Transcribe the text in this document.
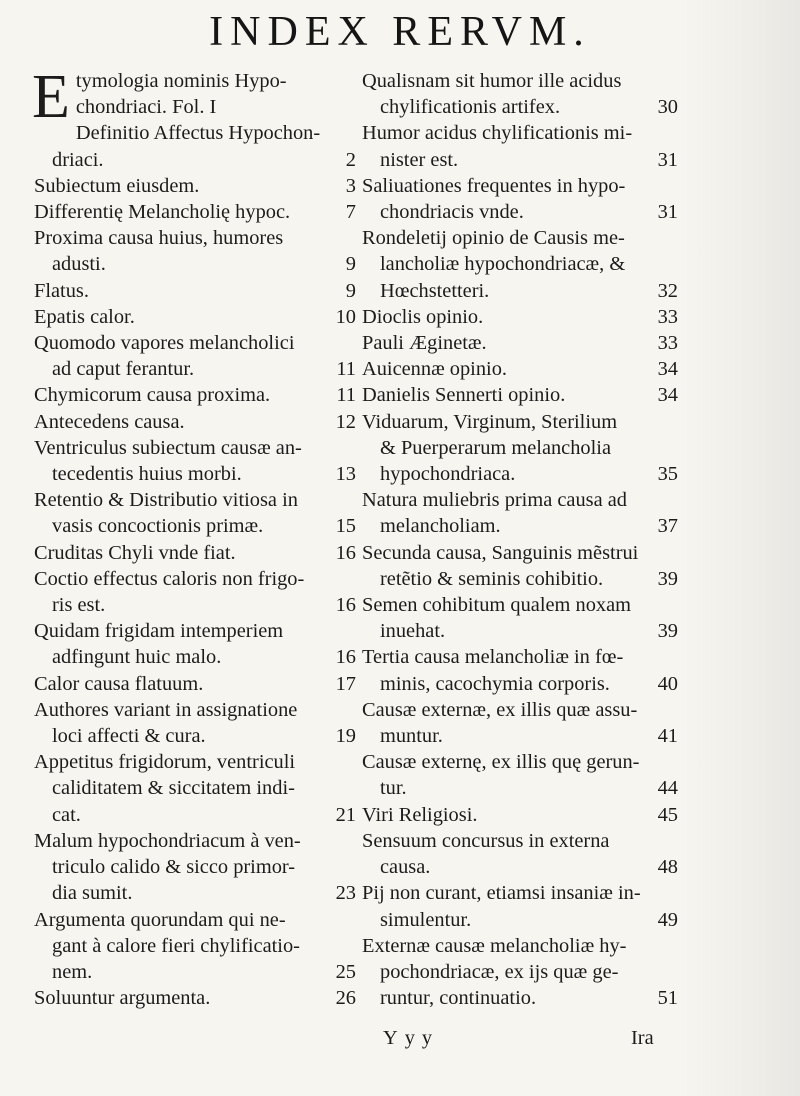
INDEX RERVM.
E tymologia nominis Hypo-
chondriaci. Fol. I
Definitio Affectus Hypochon-
driaci.	2
Subiectum eiusdem.	3
Differentię Melancholię hypoc.	7
Proxima causa huius, humores
adusti.	9
Flatus.	9
Epatis calor.	10
Quomodo vapores melancholici
ad caput ferantur.	11
Chymicorum causa proxima.	11
Antecedens causa.	12
Ventriculus subiectum causæ an-
tecedentis huius morbi.	13
Retentio & Distributio vitiosa in
vasis concoctionis primæ.	15
Cruditas Chyli vnde fiat.	16
Coctio effectus caloris non frigo-
ris est.	16
Quidam frigidam intemperiem
adfingunt huic malo.	16
Calor causa flatuum.	17
Authores variant in assignatione
loci affecti & cura.	19
Appetitus frigidorum, ventriculi
caliditatem & siccitatem indi-
cat.	21
Malum hypochondriacum à ven-
triculo calido & sicco primor-
dia sumit.	23
Argumenta quorundam qui ne-
gant à calore fieri chylificatio-
nem.	25
Soluuntur argumenta.	26
Qualisnam sit humor ille acidus
chylificationis artifex.	30
Humor acidus chylificationis mi-
nister est.	31
Saliuationes frequentes in hypo-
chondriacis vnde.	31
Rondeletij opinio de Causis me-
lancholiæ hypochondriacæ, &
Hœchstetteri.	32
Dioclis opinio.	33
Pauli Æginetæ.	33
Auicennæ opinio.	34
Danielis Sennerti opinio.	34
Viduarum, Virginum, Sterilium
& Puerperarum melancholia
hypochondriaca.	35
Natura muliebris prima causa ad
melancholiam.	37
Secunda causa, Sanguinis mẽstrui
retẽtio & seminis cohibitio.	39
Semen cohibitum qualem noxam
inuehat.	39
Tertia causa melancholiæ in fœ-
minis, cacochymia corporis. 40
Causæ externæ, ex illis quæ assu-
muntur.	41
Causæ externę, ex illis quę gerun-
tur.	44
Viri Religiosi.	45
Sensuum concursus in externa
causa.	48
Pij non curant, etiamsi insaniæ in-
simulentur.	49
Externæ causæ melancholiæ hy-
pochondriacæ, ex ijs quæ ge-
runtur, continuatio.	51
Yyy	Ira
